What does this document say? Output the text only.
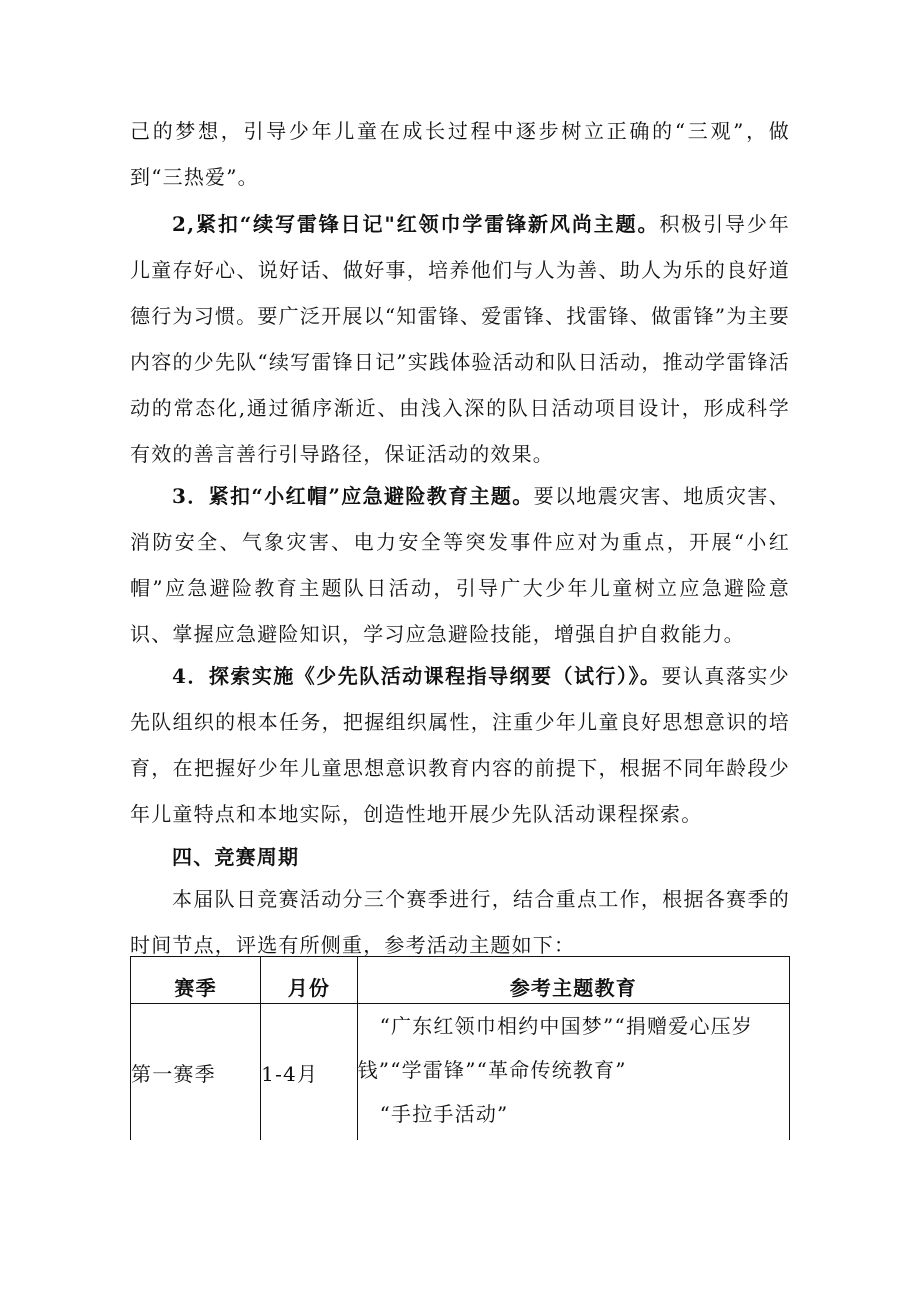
己的梦想，引导少年儿童在成长过程中逐步树立正确的“三观”，做到“三热爱”。

2,紧扣“续写雷锋日记"红领巾学雷锋新风尚主题。积极引导少年儿童存好心、说好话、做好事，培养他们与人为善、助人为乐的良好道德行为习惯。要广泛开展以“知雷锋、爱雷锋、找雷锋、做雷锋”为主要内容的少先队“续写雷锋日记”实践体验活动和队日活动，推动学雷锋活动的常态化,通过循序渐近、由浅入深的队日活动项目设计，形成科学有效的善言善行引导路径，保证活动的效果。

3．紧扣“小红帽”应急避险教育主题。要以地震灾害、地质灾害、消防安全、气象灾害、电力安全等突发事件应对为重点，开展“小红帽”应急避险教育主题队日活动，引导广大少年儿童树立应急避险意识、掌握应急避险知识，学习应急避险技能，增强自护自救能力。

4．探索实施《少先队活动课程指导纲要（试行）》。要认真落实少先队组织的根本任务，把握组织属性，注重少年儿童良好思想意识的培育，在把握好少年儿童思想意识教育内容的前提下，根据不同年龄段少年儿童特点和本地实际，创造性地开展少先队活动课程探索。

四、竞赛周期

本届队日竞赛活动分三个赛季进行，结合重点工作，根据各赛季的时间节点，评选有所侧重，参考活动主题如下：

赛季	月份	参考主题教育
第一赛季	1-4月	“广东红领巾相约中国梦”“捐赠爱心压岁
钱”“学雷锋”“革命传统教育”
“手拉手活动”
